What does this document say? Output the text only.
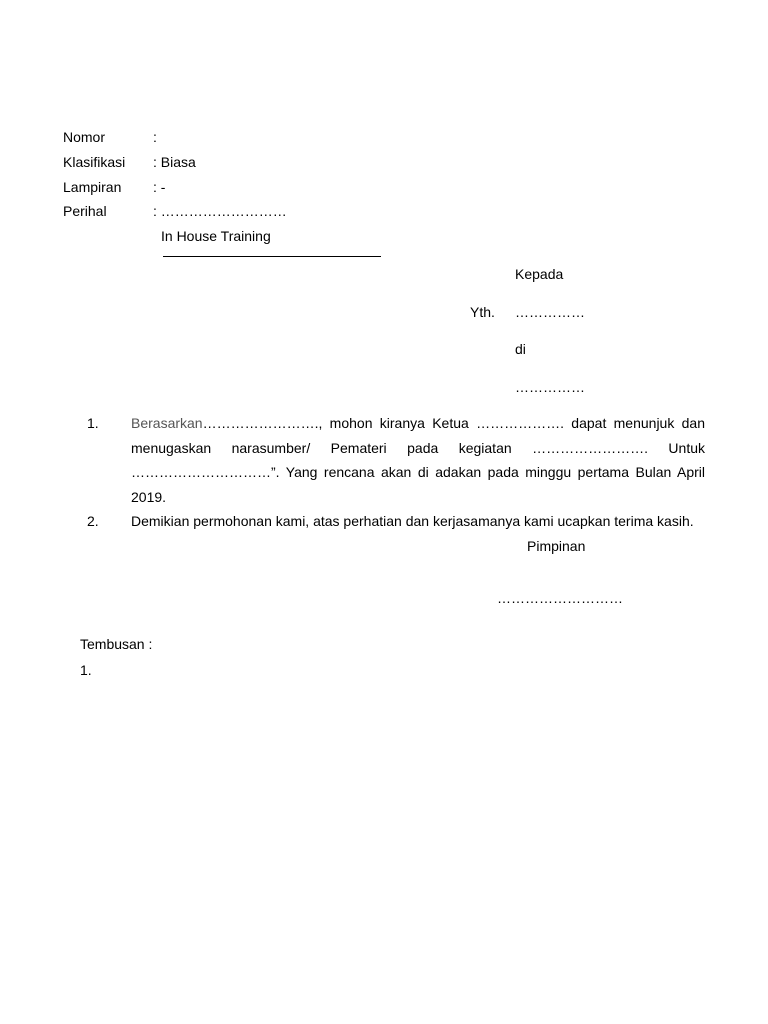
Nomor	:
Klasifikasi : Biasa
Lampiran : -
Perihal	: ………………………
In House Training
Kepada
Yth. ……………
di
……………
1. Berasarkan……………………., mohon kiranya Ketua ………………. dapat menunjuk dan menugaskan narasumber/ Pemateri pada kegiatan ……………………. Untuk …………………………”. Yang rencana akan di adakan pada minggu pertama Bulan April 2019.
2. Demikian permohonan kami, atas perhatian dan kerjasamanya kami ucapkan terima kasih.
Pimpinan
………………………
Tembusan :
1.
